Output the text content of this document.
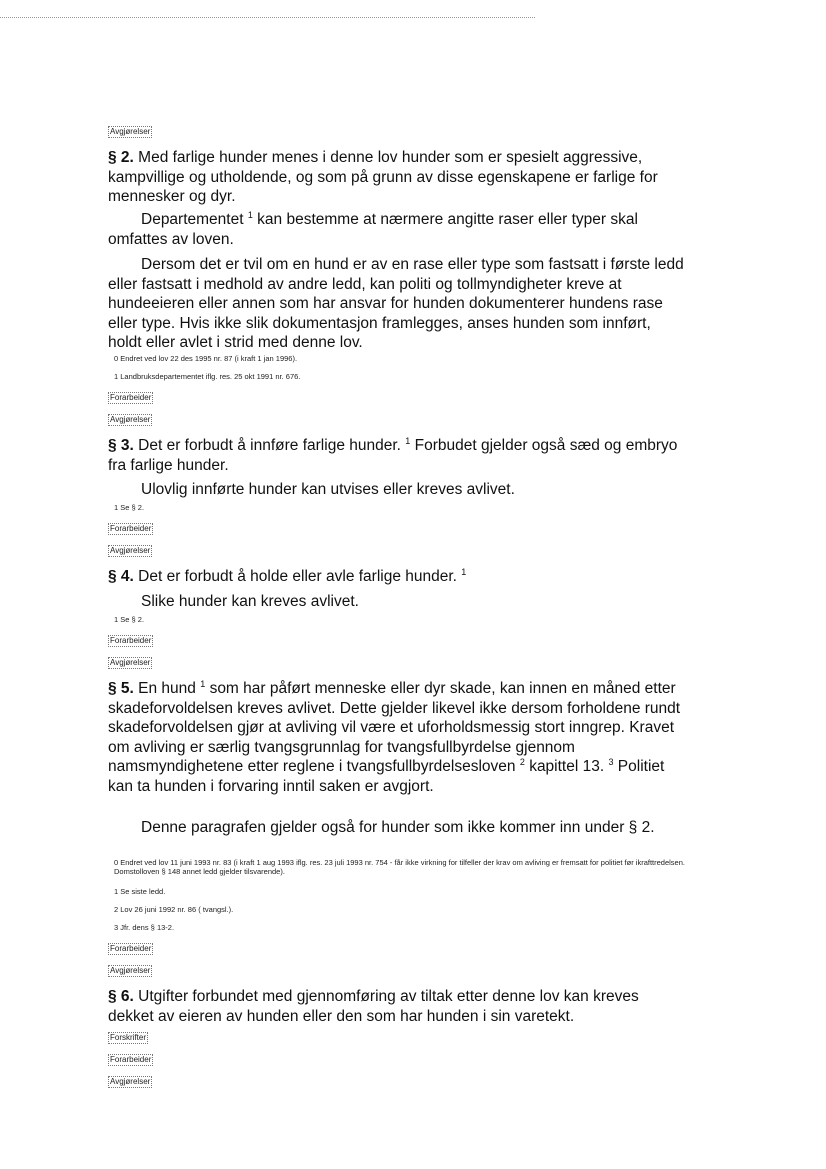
Avgjørelser
§ 2. Med farlige hunder menes i denne lov hunder som er spesielt aggressive, kampvillige og utholdende, og som på grunn av disse egenskapene er farlige for mennesker og dyr.
Departementet $^1$ kan bestemme at nærmere angitte raser eller typer skal omfattes av loven.
Dersom det er tvil om en hund er av en rase eller type som fastsatt i første ledd eller fastsatt i medhold av andre ledd, kan politi og tollmyndigheter kreve at hundeeieren eller annen som har ansvar for hunden dokumenterer hundens rase eller type. Hvis ikke slik dokumentasjon framlegges, anses hunden som innført, holdt eller avlet i strid med denne lov.
0 Endret ved lov 22 des 1995 nr. 87 (i kraft 1 jan 1996).
1 Landbruksdepartementet iflg. res. 25 okt 1991 nr. 676.
Forarbeider
Avgjørelser
§ 3. Det er forbudt å innføre farlige hunder. $^1$ Forbudet gjelder også sæd og embryo fra farlige hunder.
Ulovlig innførte hunder kan utvises eller kreves avlivet.
1 Se § 2.
Forarbeider
Avgjørelser
§ 4. Det er forbudt å holde eller avle farlige hunder. $^1$
Slike hunder kan kreves avlivet.
1 Se § 2.
Forarbeider
Avgjørelser
§ 5. En hund $^1$ som har påført menneske eller dyr skade, kan innen en måned etter skadeforvoldelsen kreves avlivet. Dette gjelder likevel ikke dersom forholdene rundt skadeforvoldelsen gjør at avliving vil være et uforholdsmessig stort inngrep. Kravet om avliving er særlig tvangsgrunnlag for tvangsfullbyrdelse gjennom namsmyndighetene etter reglene i tvangsfullbyrdelsesloven $^2$ kapittel 13. $^3$ Politiet kan ta hunden i forvaring inntil saken er avgjort.
Denne paragrafen gjelder også for hunder som ikke kommer inn under § 2.
0 Endret ved lov 11 juni 1993 nr. 83 (i kraft 1 aug 1993 iflg. res. 23 juli 1993 nr. 754 - får ikke virkning for tilfeller der krav om avliving er fremsatt for politiet før ikrafttredelsen. Domstolloven § 148 annet ledd gjelder tilsvarende).
1 Se siste ledd.
2 Lov 26 juni 1992 nr. 86 ( tvangsl.).
3 Jfr. dens § 13-2.
Forarbeider
Avgjørelser
§ 6. Utgifter forbundet med gjennomføring av tiltak etter denne lov kan kreves dekket av eieren av hunden eller den som har hunden i sin varetekt.
Forskrifter
Forarbeider
Avgjørelser
